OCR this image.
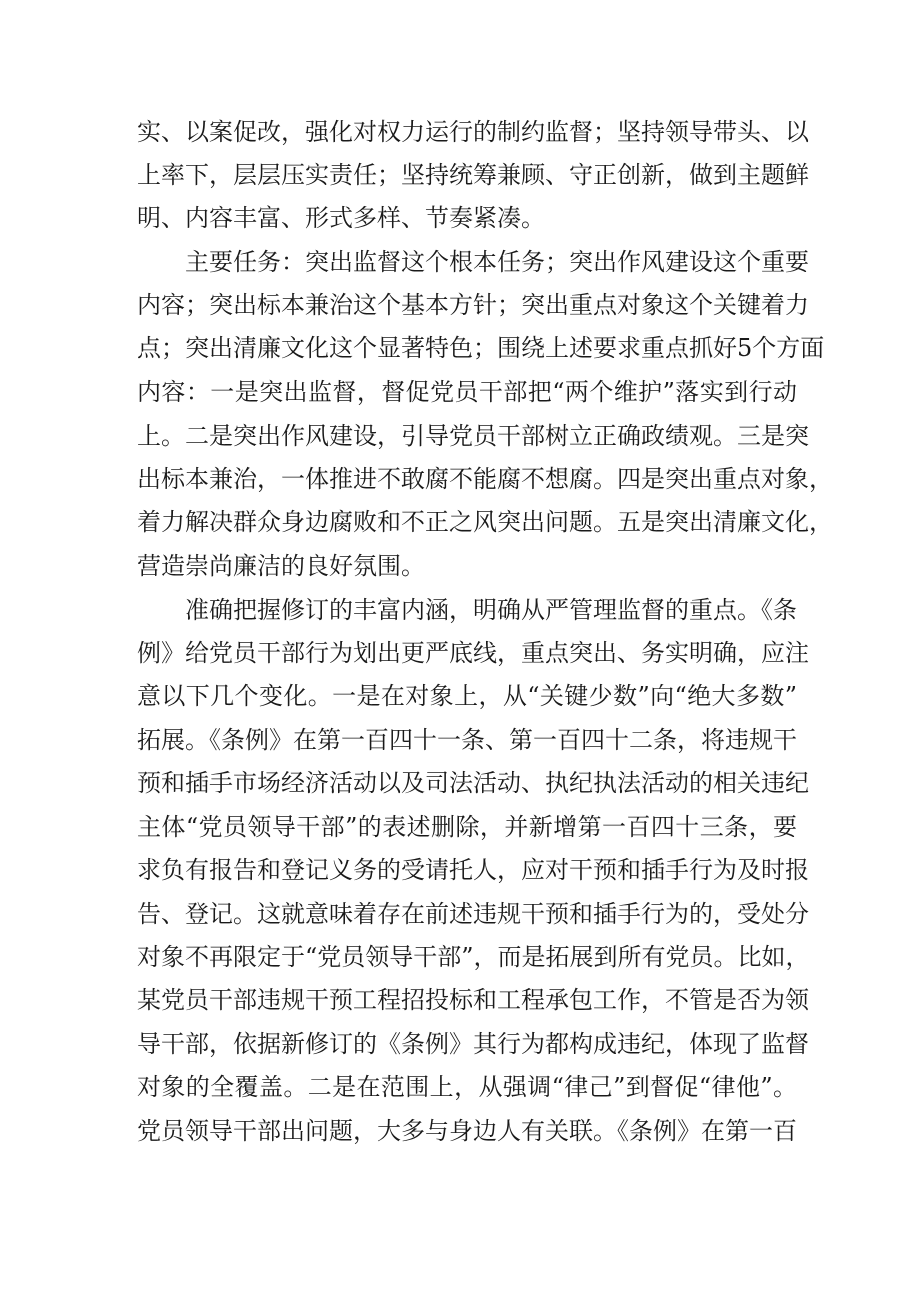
实、以案促改，强化对权力运行的制约监督；坚持领导带头、以
上率下，层层压实责任；坚持统筹兼顾、守正创新，做到主题鲜
明、内容丰富、形式多样、节奏紧凑。
主要任务：突出监督这个根本任务；突出作风建设这个重要
内容；突出标本兼治这个基本方针；突出重点对象这个关键着力
点；突出清廉文化这个显著特色；围绕上述要求重点抓好5个方面
内容：一是突出监督，督促党员干部把“两个维护”落实到行动
上。二是突出作风建设，引导党员干部树立正确政绩观。三是突
出标本兼治，一体推进不敢腐不能腐不想腐。四是突出重点对象，
着力解决群众身边腐败和不正之风突出问题。五是突出清廉文化，
营造崇尚廉洁的良好氛围。
准确把握修订的丰富内涵，明确从严管理监督的重点。《条
例》给党员干部行为划出更严底线，重点突出、务实明确，应注
意以下几个变化。一是在对象上，从“关键少数”向“绝大多数”
拓展。《条例》在第一百四十一条、第一百四十二条，将违规干
预和插手市场经济活动以及司法活动、执纪执法活动的相关违纪
主体“党员领导干部”的表述删除，并新增第一百四十三条，要
求负有报告和登记义务的受请托人，应对干预和插手行为及时报
告、登记。这就意味着存在前述违规干预和插手行为的，受处分
对象不再限定于“党员领导干部”，而是拓展到所有党员。比如，
某党员干部违规干预工程招投标和工程承包工作，不管是否为领
导干部，依据新修订的《条例》其行为都构成违纪，体现了监督
对象的全覆盖。二是在范围上，从强调“律己”到督促“律他”。
党员领导干部出问题，大多与身边人有关联。《条例》在第一百
